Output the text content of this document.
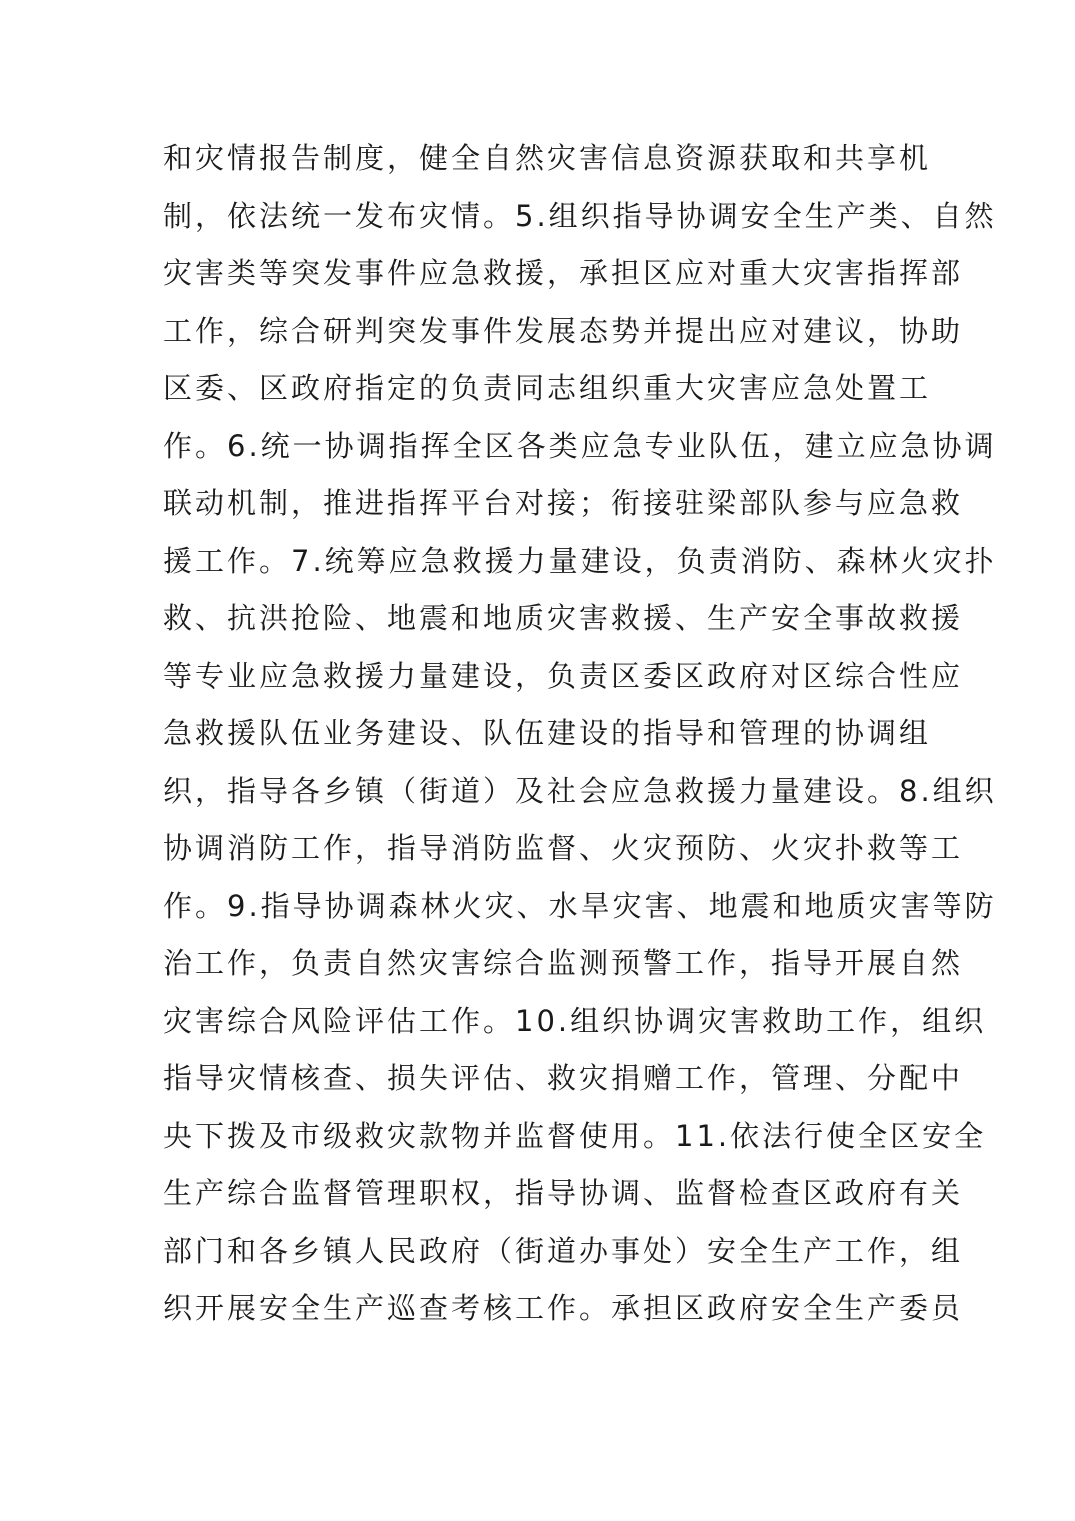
和灾情报告制度，健全自然灾害信息资源获取和共享机
制，依法统一发布灾情。5.组织指导协调安全生产类、自然
灾害类等突发事件应急救援，承担区应对重大灾害指挥部
工作，综合研判突发事件发展态势并提出应对建议，协助
区委、区政府指定的负责同志组织重大灾害应急处置工
作。6.统一协调指挥全区各类应急专业队伍，建立应急协调
联动机制，推进指挥平台对接；衔接驻梁部队参与应急救
援工作。7.统筹应急救援力量建设，负责消防、森林火灾扑
救、抗洪抢险、地震和地质灾害救援、生产安全事故救援
等专业应急救援力量建设，负责区委区政府对区综合性应
急救援队伍业务建设、队伍建设的指导和管理的协调组
织，指导各乡镇（街道）及社会应急救援力量建设。8.组织
协调消防工作，指导消防监督、火灾预防、火灾扑救等工
作。9.指导协调森林火灾、水旱灾害、地震和地质灾害等防
治工作，负责自然灾害综合监测预警工作，指导开展自然
灾害综合风险评估工作。10.组织协调灾害救助工作，组织
指导灾情核查、损失评估、救灾捐赠工作，管理、分配中
央下拨及市级救灾款物并监督使用。11.依法行使全区安全
生产综合监督管理职权，指导协调、监督检查区政府有关
部门和各乡镇人民政府（街道办事处）安全生产工作，组
织开展安全生产巡查考核工作。承担区政府安全生产委员
